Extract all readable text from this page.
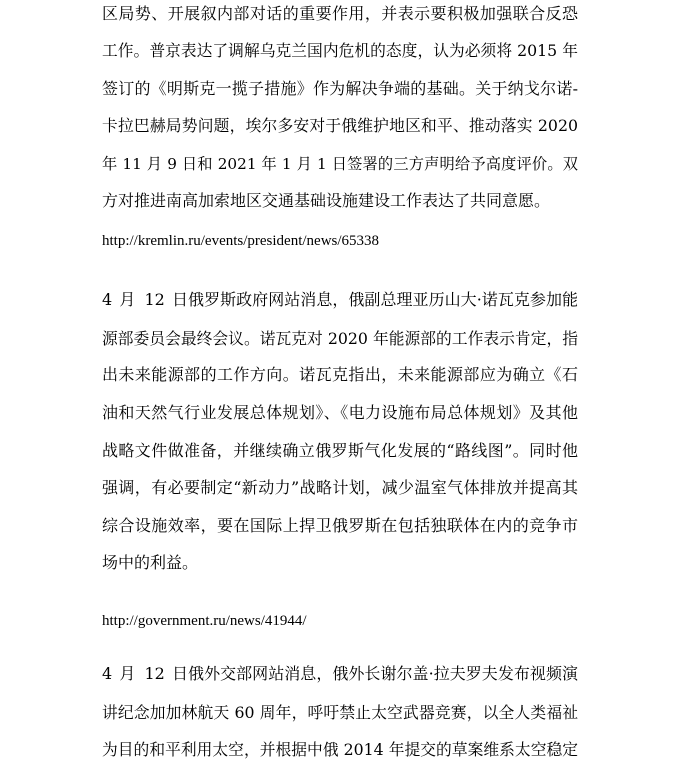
区局势、开展叙内部对话的重要作用，并表示要积极加强联合反恐
工作。普京表达了调解乌克兰国内危机的态度，认为必须将 2015 年
签订的《明斯克一揽子措施》作为解决争端的基础。关于纳戈尔诺-
卡拉巴赫局势问题，埃尔多安对于俄维护地区和平、推动落实 2020
年 11 月 9 日和 2021 年 1 月 1 日签署的三方声明给予高度评价。双
方对推进南高加索地区交通基础设施建设工作表达了共同意愿。
http://kremlin.ru/events/president/news/65338
4 月 12 日俄罗斯政府网站消息，俄副总理亚历山大·诺瓦克参加能
源部委员会最终会议。诺瓦克对 2020 年能源部的工作表示肯定，指
出未来能源部的工作方向。诺瓦克指出，未来能源部应为确立《石
油和天然气行业发展总体规划》、《电力设施布局总体规划》及其他
战略文件做准备，并继续确立俄罗斯气化发展的“路线图”。同时他
强调，有必要制定“新动力”战略计划，减少温室气体排放并提高其
综合设施效率，要在国际上捍卫俄罗斯在包括独联体在内的竞争市
场中的利益。
http://government.ru/news/41944/
4 月 12 日俄外交部网站消息，俄外长谢尔盖·拉夫罗夫发布视频演
讲纪念加加林航天 60 周年，呼吁禁止太空武器竞赛，以全人类福祉
为目的和平利用太空，并根据中俄 2014 年提交的草案维系太空稳定
